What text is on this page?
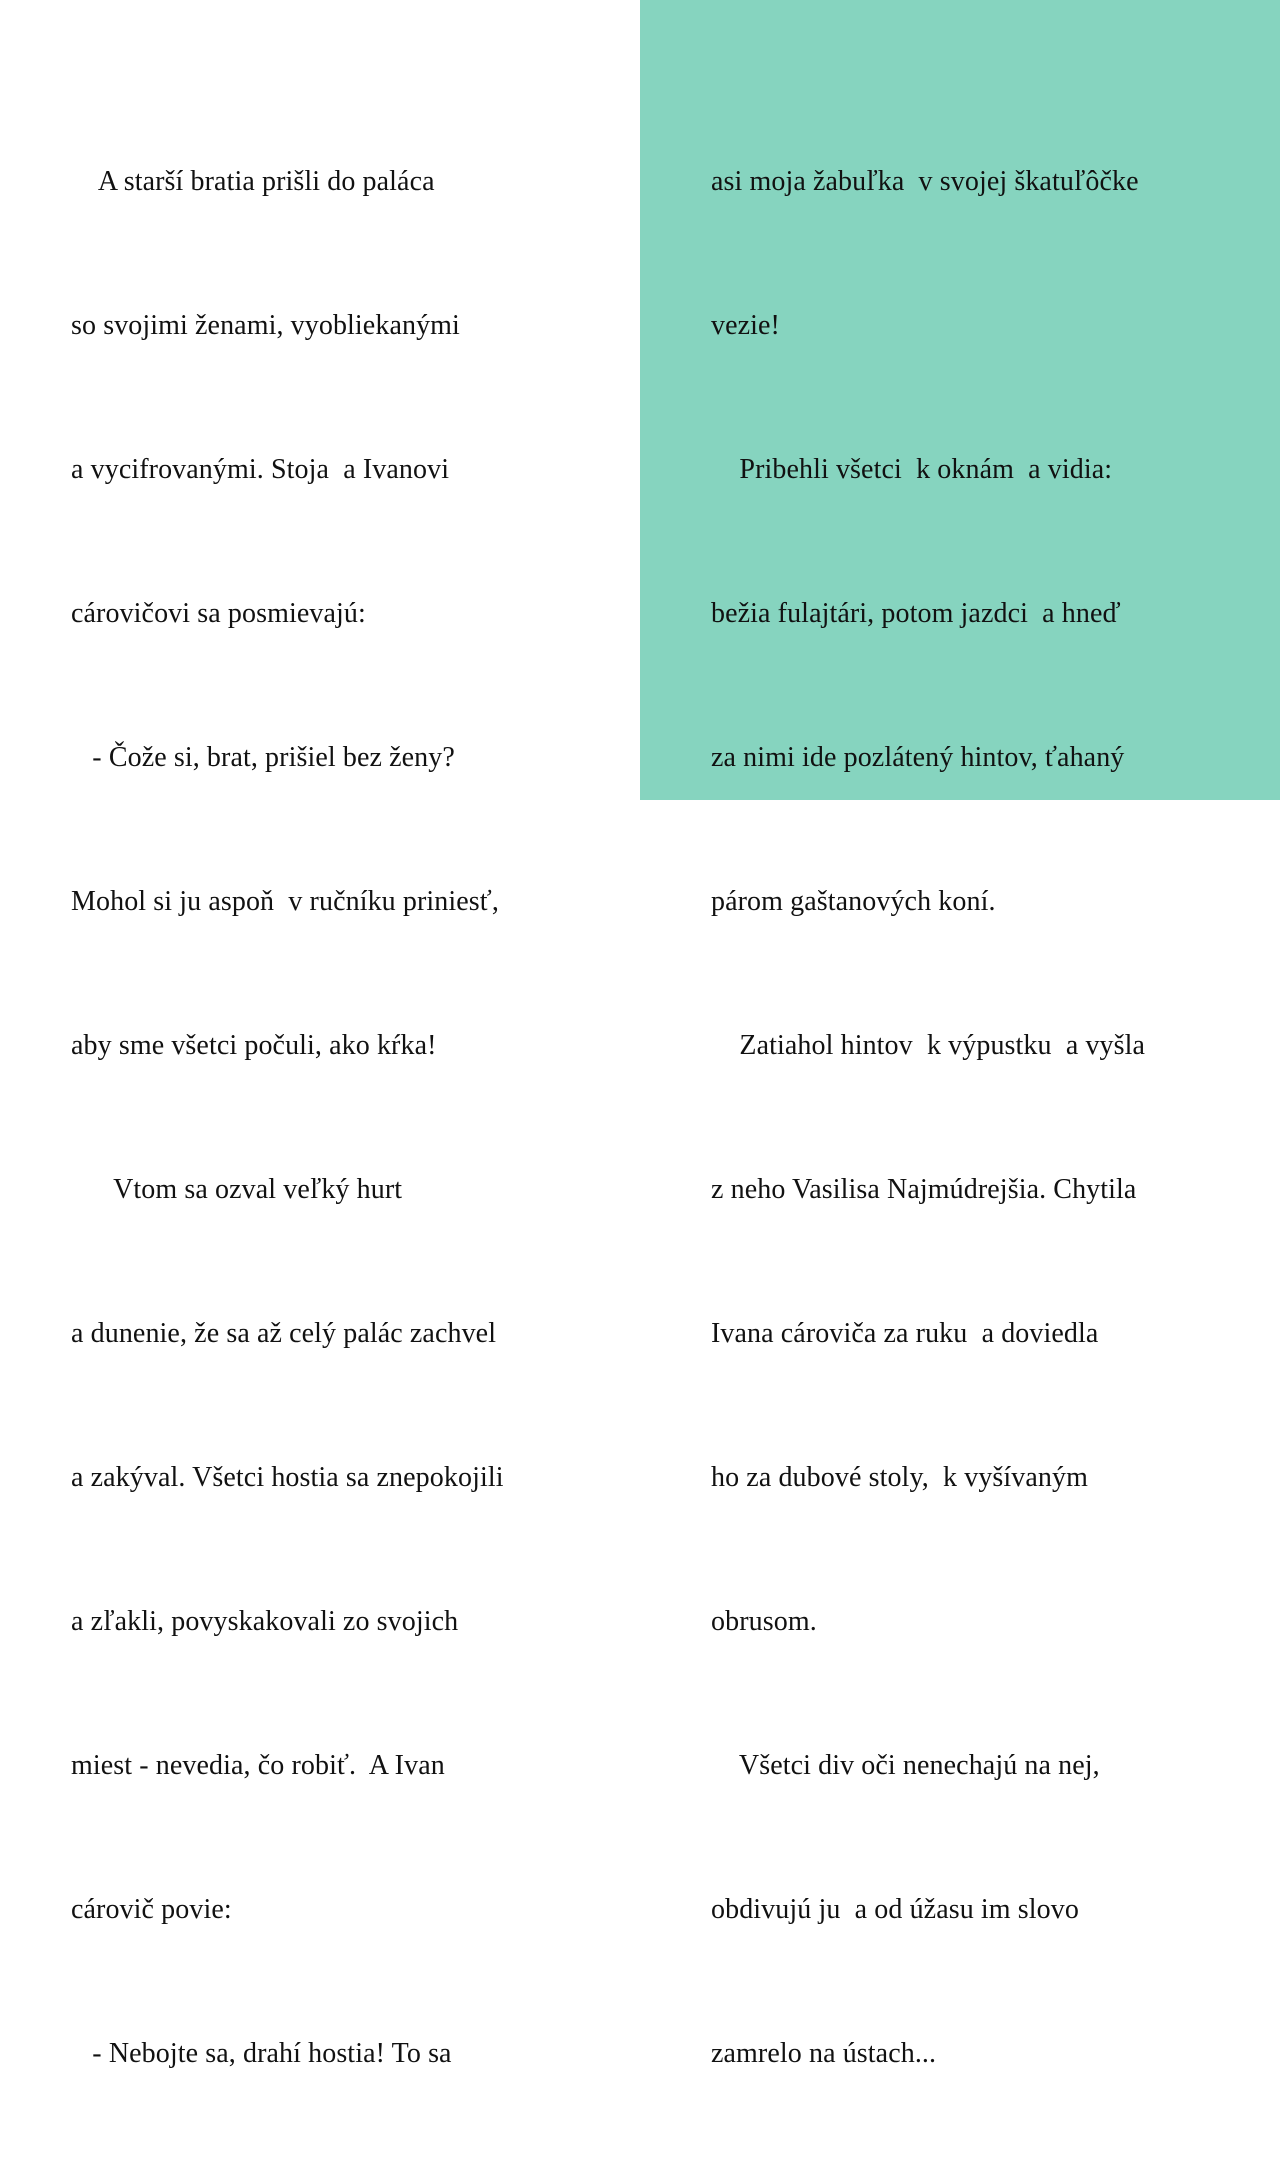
A starší bratia prišli do paláca

so svojimi ženami, vyobliekanými

a vycifrovanými. Stoja  a Ivanovi

cárovičovi sa posmievajú:

- Čože si, brat, prišiel bez ženy?

Mohol si ju aspoň  v ručníku priniesť,

aby sme všetci počuli, ako kŕka!

Vtom sa ozval veľký hurt

a dunenie, že sa až celý palác zachvel

a zakýval. Všetci hostia sa znepokojili

a zľakli, povyskakovali zo svojich

miest - nevedia, čo robiť.  A Ivan

cárovič povie:

- Nebojte sa, drahí hostia! To sa

asi moja žabuľka  v svojej škatuľôčke

vezie!

Pribehli všetci  k oknám  a vidia:

bežia fulajtári, potom jazdci  a hneď

za nimi ide pozlátený hintov, ťahaný

párom gaštanových koní.

Zatiahol hintov  k výpustku  a vyšla

z neho Vasilisa Najmúdrejšia. Chytila

Ivana cároviča za ruku  a doviedla

ho za dubové stoly,  k vyšívaným

obrusom.

Všetci div oči nenechajú na nej,

obdivujú ju  a od úžasu im slovo

zamrelo na ústach...
